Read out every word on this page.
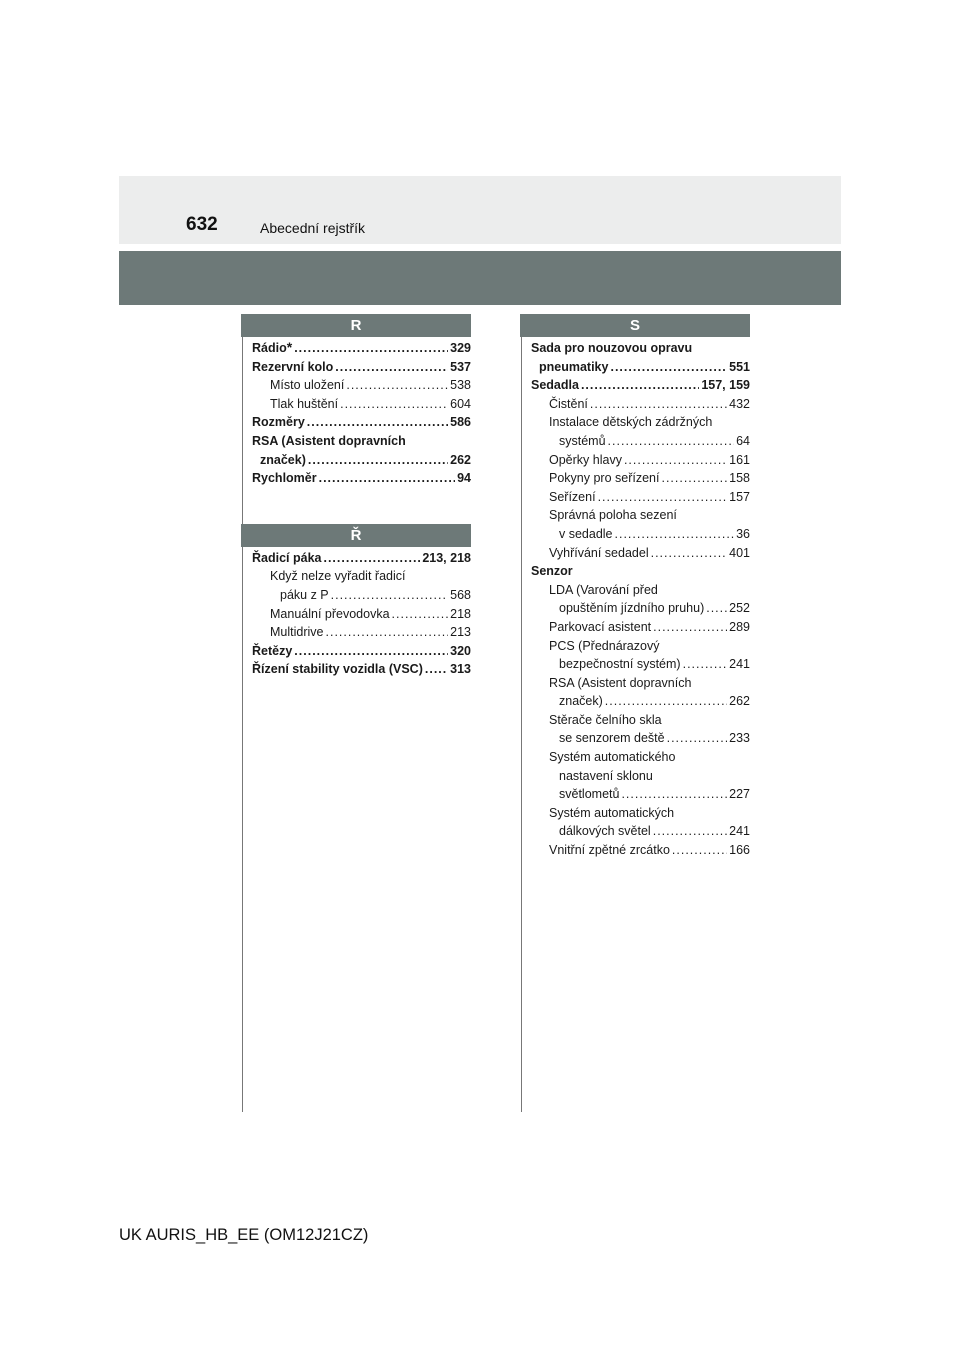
632	Abecední rejstřík
R
Rádio * .....	329
Rezervní kolo .....	537
Místo uložení .....	538
Tlak huštění .....	604
Rozměry .....	586
RSA (Asistent dopravních
značek) .....	262
Rychloměr .....	94
Ř
Řadicí páka .....	213, 218
Když nelze vyřadit řadicí
páku z P .....	568
Manuální převodovka .....	218
Multidrive .....	213
Řetězy .....	320
Řízení stability vozidla (VSC) ..... 313
S
Sada pro nouzovou opravu
pneumatiky .....	551
Sedadla .....	157, 159
Čistění .....	432
Instalace dětských zádržných
systémů .....	64
Opěrky hlavy .....	161
Pokyny pro seřízení .....	158
Seřízení .....	157
Správná poloha sezení
v sedadle .....	36
Vyhřívání sedadel .....	401
Senzor
LDA (Varování před
opuštěním jízdního pruhu) ..... 252
Parkovací asistent .....	289
PCS (Přednárazový
bezpečnostní systém) .....	241
RSA (Asistent dopravních
značek) .....	262
Stěrače čelního skla
se senzorem deště .....	233
Systém automatického
nastavení sklonu
světlometů .....	227
Systém automatických
dálkových světel .....	241
Vnitřní zpětné zrcátko .....	166
UK AURIS_HB_EE (OM12J21CZ)
